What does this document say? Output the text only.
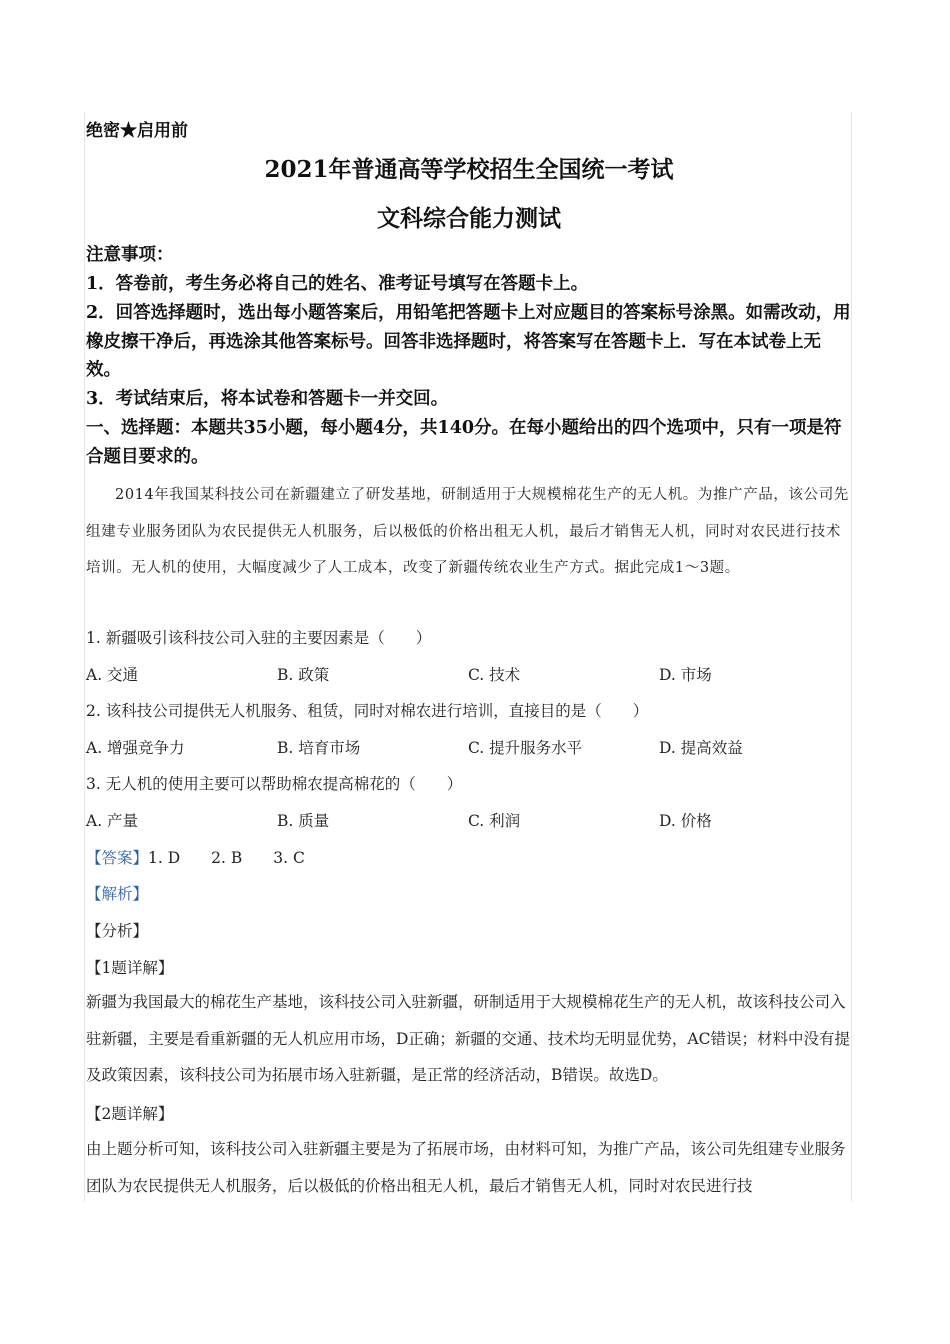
绝密★启用前
2021年普通高等学校招生全国统一考试
文科综合能力测试
注意事项：
1．答卷前，考生务必将自己的姓名、准考证号填写在答题卡上。
2．回答选择题时，选出每小题答案后，用铅笔把答题卡上对应题目的答案标号涂黑。如需改动，用橡皮擦干净后，再选涂其他答案标号。回答非选择题时，将答案写在答题卡上．写在本试卷上无效。
3．考试结束后，将本试卷和答题卡一并交回。
一、选择题：本题共35小题，每小题4分，共140分。在每小题给出的四个选项中，只有一项是符合题目要求的。
2014年我国某科技公司在新疆建立了研发基地，研制适用于大规模棉花生产的无人机。为推广产品，该公司先组建专业服务团队为农民提供无人机服务，后以极低的价格出租无人机，最后才销售无人机，同时对农民进行技术培训。无人机的使用，大幅度减少了人工成本，改变了新疆传统农业生产方式。据此完成1～3题。
1. 新疆吸引该科技公司入驻的主要因素是（　　）
A. 交通	B. 政策	C. 技术	D. 市场
2. 该科技公司提供无人机服务、租赁，同时对棉农进行培训，直接目的是（　　）
A. 增强竞争力	B. 培育市场	C. 提升服务水平	D. 提高效益
3. 无人机的使用主要可以帮助棉农提高棉花的（　　）
A. 产量	B. 质量	C. 利润	D. 价格
【答案】1. D　　2. B　　3. C
【解析】
【分析】
【1题详解】
新疆为我国最大的棉花生产基地，该科技公司入驻新疆，研制适用于大规模棉花生产的无人机，故该科技公司入驻新疆，主要是看重新疆的无人机应用市场，D正确；新疆的交通、技术均无明显优势，AC错误；材料中没有提及政策因素，该科技公司为拓展市场入驻新疆，是正常的经济活动，B错误。故选D。
【2题详解】
由上题分析可知，该科技公司入驻新疆主要是为了拓展市场，由材料可知，为推广产品，该公司先组建专业服务团队为农民提供无人机服务，后以极低的价格出租无人机，最后才销售无人机，同时对农民进行技
